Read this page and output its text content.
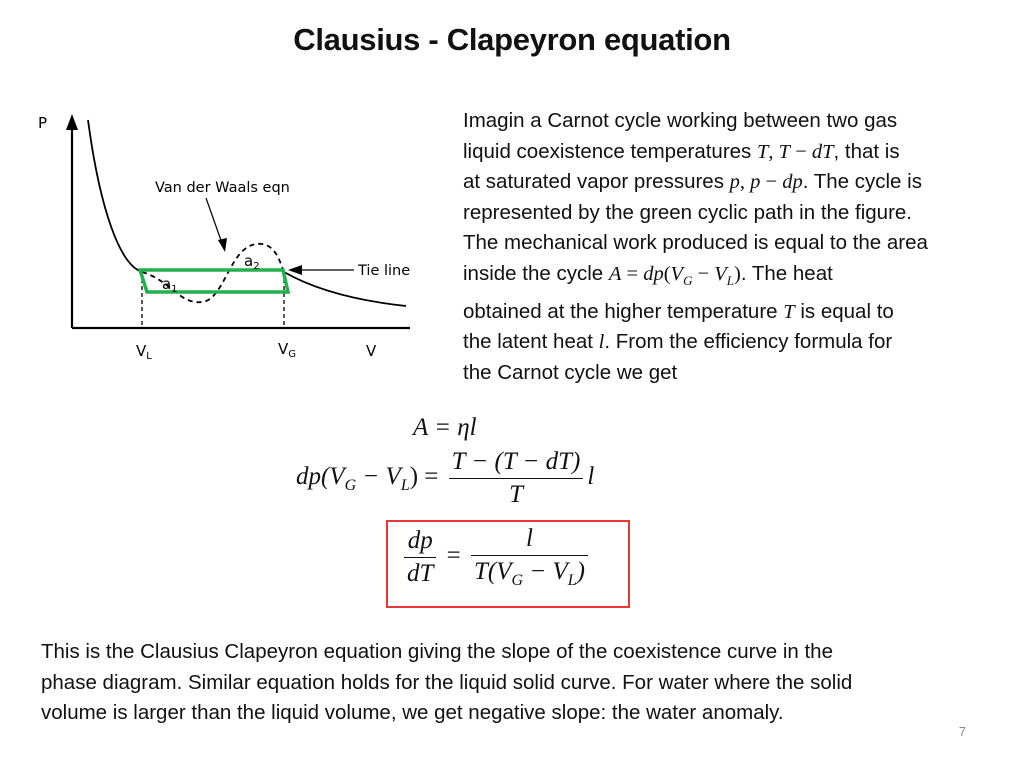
Clausius - Clapeyron equation
P
V
Van der Waals eqn
$a_2$
$a_1$
Tie line
$V_L$	$V_G$
Imagin a Carnot cycle working between two gas
liquid coexistence temperatures T, T − dT, that is
at saturated vapor pressures p, p − dp. The cycle is
represented by the green cyclic path in the figure.
The mechanical work produced is equal to the area
inside the cycle $A = dp(V_G - V_L)$. The heat
obtained at the higher temperature T is equal to
the latent heat l. From the efficiency formula for
the Carnot cycle we get
A = ηl
$dp(V_G - V_L) = \frac{T - (T - dT)}{T}$ l
$\frac{dp}{dT} = \frac{l}{T(V_G - V_L)}$
This is the Clausius Clapeyron equation giving the slope of the coexistence curve in the
phase diagram. Similar equation holds for the liquid solid curve. For water where the solid
volume is larger than the liquid volume, we get negative slope: the water anomaly.
7
